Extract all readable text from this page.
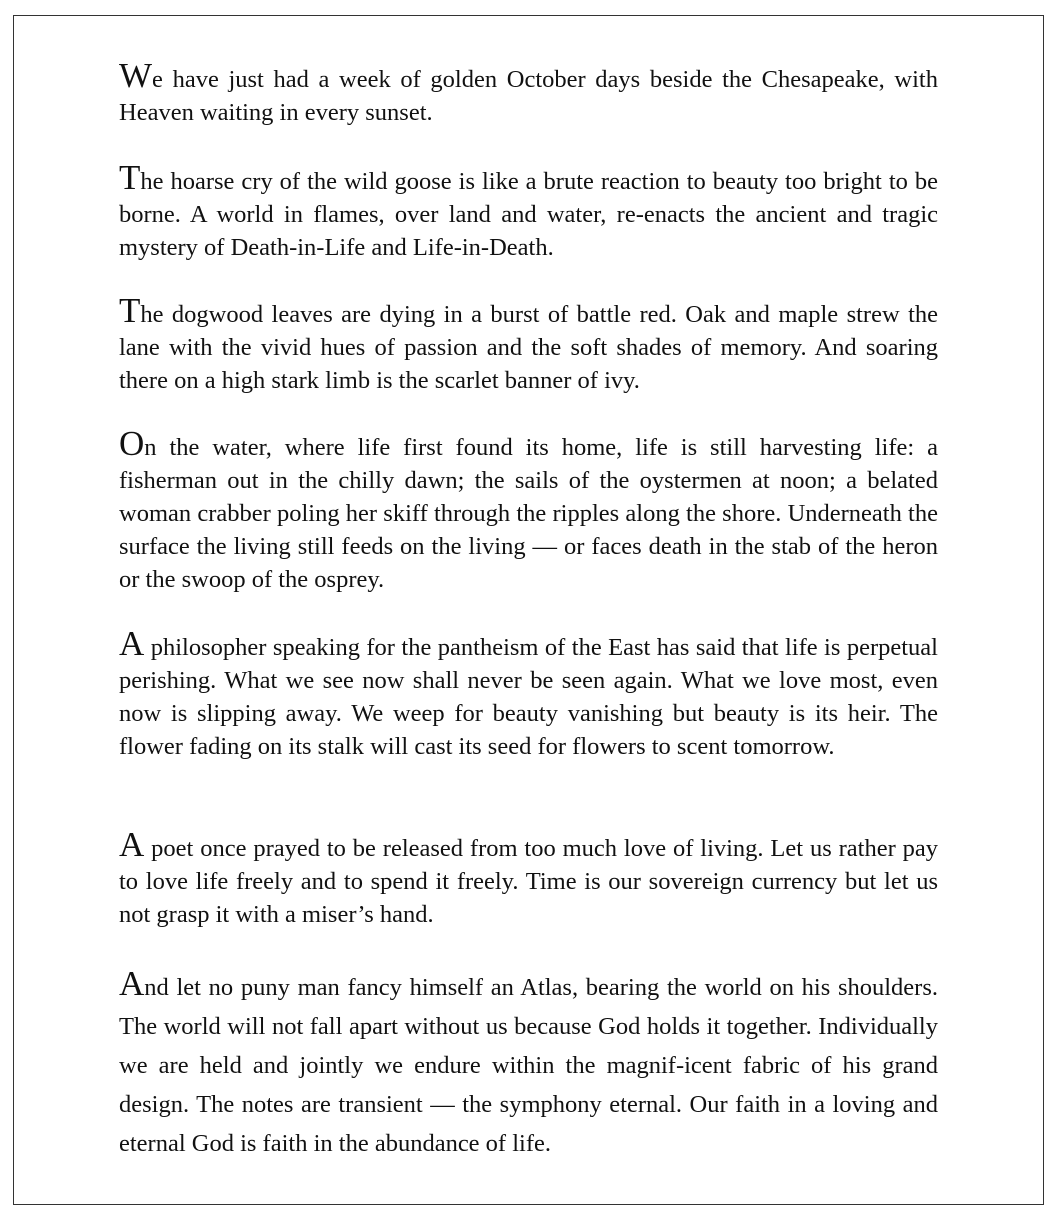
We have just had a week of golden October days beside the Chesapeake, with Heaven waiting in every sunset.

The hoarse cry of the wild goose is like a brute reaction to beauty too bright to be borne. A world in flames, over land and water, re-enacts the ancient and tragic mystery of Death-in-Life and Life-in-Death.

The dogwood leaves are dying in a burst of battle red. Oak and maple strew the lane with the vivid hues of passion and the soft shades of memory. And soaring there on a high stark limb is the scarlet banner of ivy.

On the water, where life first found its home, life is still harvesting life: a fisherman out in the chilly dawn; the sails of the oystermen at noon; a belated woman crabber poling her skiff through the ripples along the shore. Underneath the surface the living still feeds on the living — or faces death in the stab of the heron or the swoop of the osprey.

A philosopher speaking for the pantheism of the East has said that life is perpetual perishing. What we see now shall never be seen again. What we love most, even now is slipping away. We weep for beauty vanishing but beauty is its heir. The flower fading on its stalk will cast its seed for flowers to scent tomorrow.

A poet once prayed to be released from too much love of living. Let us rather pay to love life freely and to spend it freely. Time is our sovereign currency but let us not grasp it with a miser’s hand.

And let no puny man fancy himself an Atlas, bearing the world on his shoulders. The world will not fall apart without us because God holds it together. Individually we are held and jointly we endure within the magnif-icent fabric of his grand design. The notes are transient — the symphony eternal. Our faith in a loving and eternal God is faith in the abundance of life.
